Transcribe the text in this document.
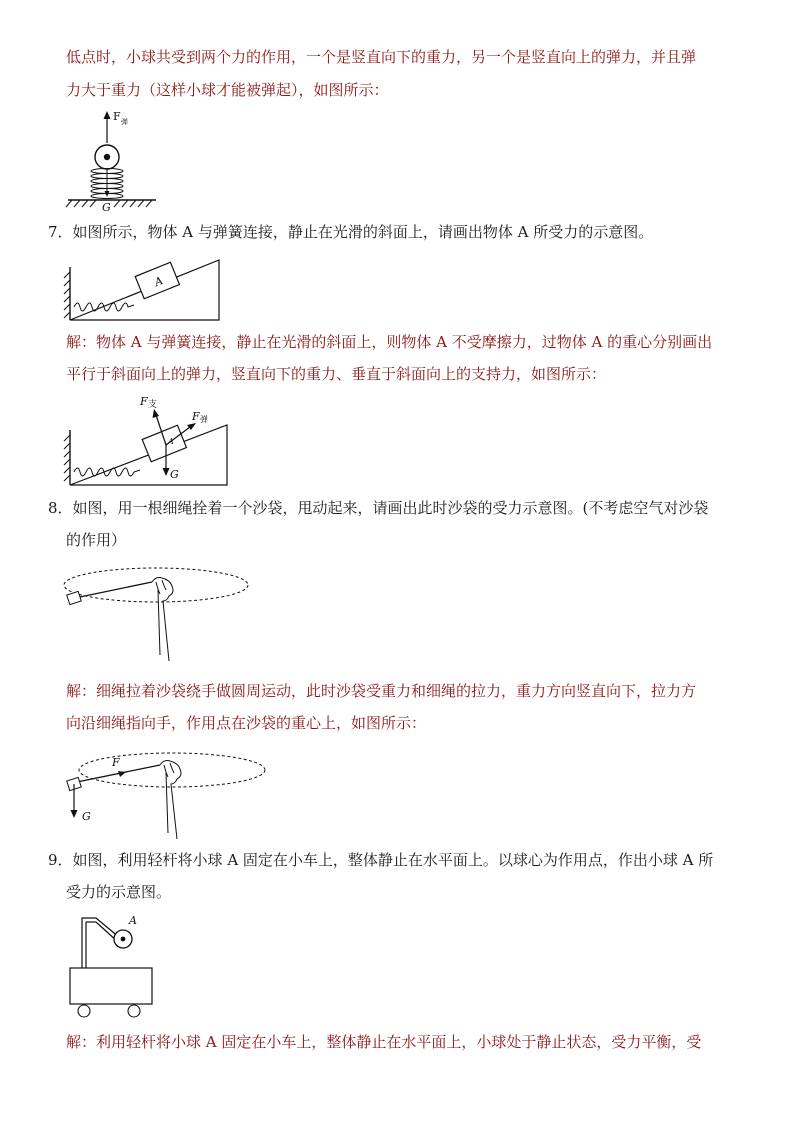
低点时，小球共受到两个力的作用，一个是竖直向下的重力，另一个是竖直向上的弹力，并且弹
力大于重力（这样小球才能被弹起），如图所示：
F 弹
G
7．如图所示，物体 A 与弹簧连接，静止在光滑的斜面上，请画出物体 A 所受力的示意图。
A
解：物体 A 与弹簧连接，静止在光滑的斜面上，则物体 A 不受摩擦力，过物体 A 的重心分别画出
平行于斜面向上的弹力，竖直向下的重力、垂直于斜面向上的支持力，如图所示：
A
F 支
F 弹
G
8．如图，用一根细绳拴着一个沙袋，甩动起来，请画出此时沙袋的受力示意图。(不考虑空气对沙袋
的作用）
解：细绳拉着沙袋绕手做圆周运动，此时沙袋受重力和细绳的拉力，重力方向竖直向下，拉力方
向沿细绳指向手，作用点在沙袋的重心上，如图所示：
F
G
9．如图，利用轻杆将小球 A 固定在小车上，整体静止在水平面上。以球心为作用点，作出小球 A 所
受力的示意图。
A
解：利用轻杆将小球 A 固定在小车上，整体静止在水平面上，小球处于静止状态，受力平衡，受
